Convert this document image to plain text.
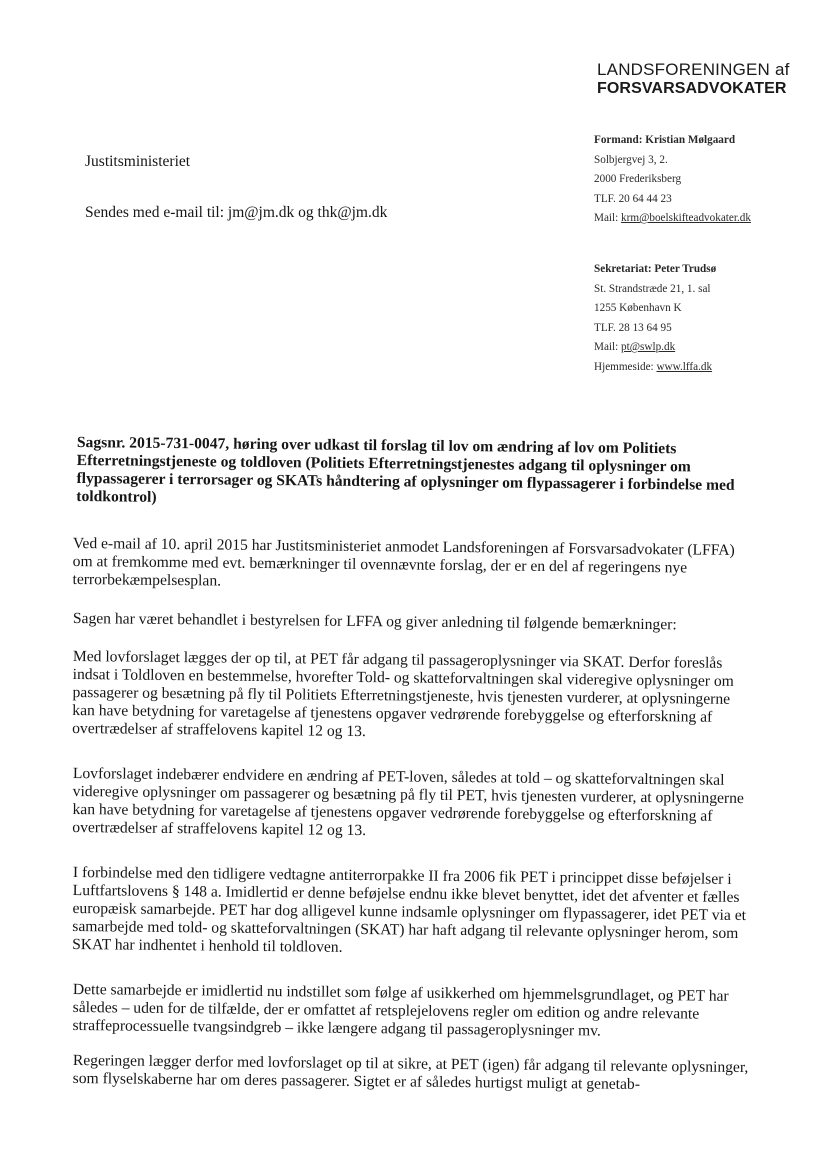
LANDSFORENINGEN af
FORSVARSADVOKATER
Justitsministeriet
Sendes med e-mail til: jm@jm.dk og thk@jm.dk
Formand: Kristian Mølgaard
Solbjergvej 3, 2.
2000 Frederiksberg
TLF. 20 64 44 23
Mail: krm@boelskifteadvokater.dk
Sekretariat: Peter Trudsø
St. Strandstræde 21, 1. sal
1255 København K
TLF. 28 13 64 95
Mail: pt@swlp.dk
Hjemmeside: www.lffa.dk
Sagsnr. 2015-731-0047, høring over udkast til forslag til lov om ændring af lov om Politiets Efterretningstjeneste og toldloven (Politiets Efterretningstjenestes adgang til oplysninger om flypassagerer i terrorsager og SKATs håndtering af oplysninger om flypassagerer i forbindelse med toldkontrol)
Ved e-mail af 10. april 2015 har Justitsministeriet anmodet Landsforeningen af Forsvarsadvokater (LFFA) om at fremkomme med evt. bemærkninger til ovennævnte forslag, der er en del af regeringens nye terrorbekæmpelsesplan.
Sagen har været behandlet i bestyrelsen for LFFA og giver anledning til følgende bemærkninger:
Med lovforslaget lægges der op til, at PET får adgang til passageroplysninger via SKAT. Derfor foreslås indsat i Toldloven en bestemmelse, hvorefter Told- og skatteforvaltningen skal videregive oplysninger om passagerer og besætning på fly til Politiets Efterretningstjeneste, hvis tjenesten vurderer, at oplysningerne kan have betydning for varetagelse af tjenestens opgaver vedrørende forebyggelse og efterforskning af overtrædelser af straffelovens kapitel 12 og 13.
Lovforslaget indebærer endvidere en ændring af PET-loven, således at told – og skatteforvaltningen skal videregive oplysninger om passagerer og besætning på fly til PET, hvis tjenesten vurderer, at oplysningerne kan have betydning for varetagelse af tjenestens opgaver vedrørende forebyggelse og efterforskning af overtrædelser af straffelovens kapitel 12 og 13.
I forbindelse med den tidligere vedtagne antiterrorpakke II fra 2006 fik PET i princippet disse beføjelser i Luftfartslovens § 148 a. Imidlertid er denne beføjelse endnu ikke blevet benyttet, idet det afventer et fælles europæisk samarbejde. PET har dog alligevel kunne indsamle oplysninger om flypassagerer, idet PET via et samarbejde med told- og skatteforvaltningen (SKAT) har haft adgang til relevante oplysninger herom, som SKAT har indhentet i henhold til toldloven.
Dette samarbejde er imidlertid nu indstillet som følge af usikkerhed om hjemmelsgrundlaget, og PET har således – uden for de tilfælde, der er omfattet af retsplejelovens regler om edition og andre relevante straffeprocessuelle tvangsindgreb – ikke længere adgang til passageroplysninger mv.
Regeringen lægger derfor med lovforslaget op til at sikre, at PET (igen) får adgang til relevante oplysninger, som flyselskaberne har om deres passagerer. Sigtet er af således hurtigst muligt at genetab-
